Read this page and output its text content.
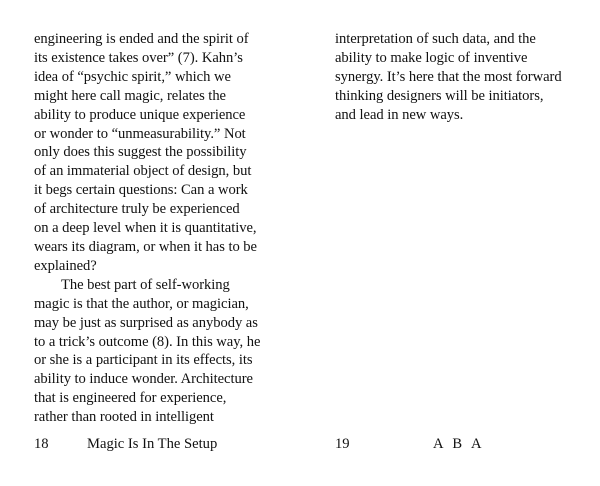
engineering is ended and the spirit of
its existence takes over” (7). Kahn’s
idea of “psychic spirit,” which we
might here call magic, relates the
ability to produce unique experience
or wonder to “unmeasurability.” Not
only does this suggest the possibility
of an immaterial object of design, but
it begs certain questions: Can a work
of architecture truly be experienced
on a deep level when it is quantitative,
wears its diagram, or when it has to be
explained?
The best part of self-working
magic is that the author, or magician,
may be just as surprised as anybody as
to a trick’s outcome (8). In this way, he
or she is a participant in its effects, its
ability to induce wonder. Architecture
that is engineered for experience,
rather than rooted in intelligent
18	Magic Is In The Setup
interpretation of such data, and the
ability to make logic of inventive
synergy. It’s here that the most forward
thinking designers will be initiators,
and lead in new ways.
19	A B A
